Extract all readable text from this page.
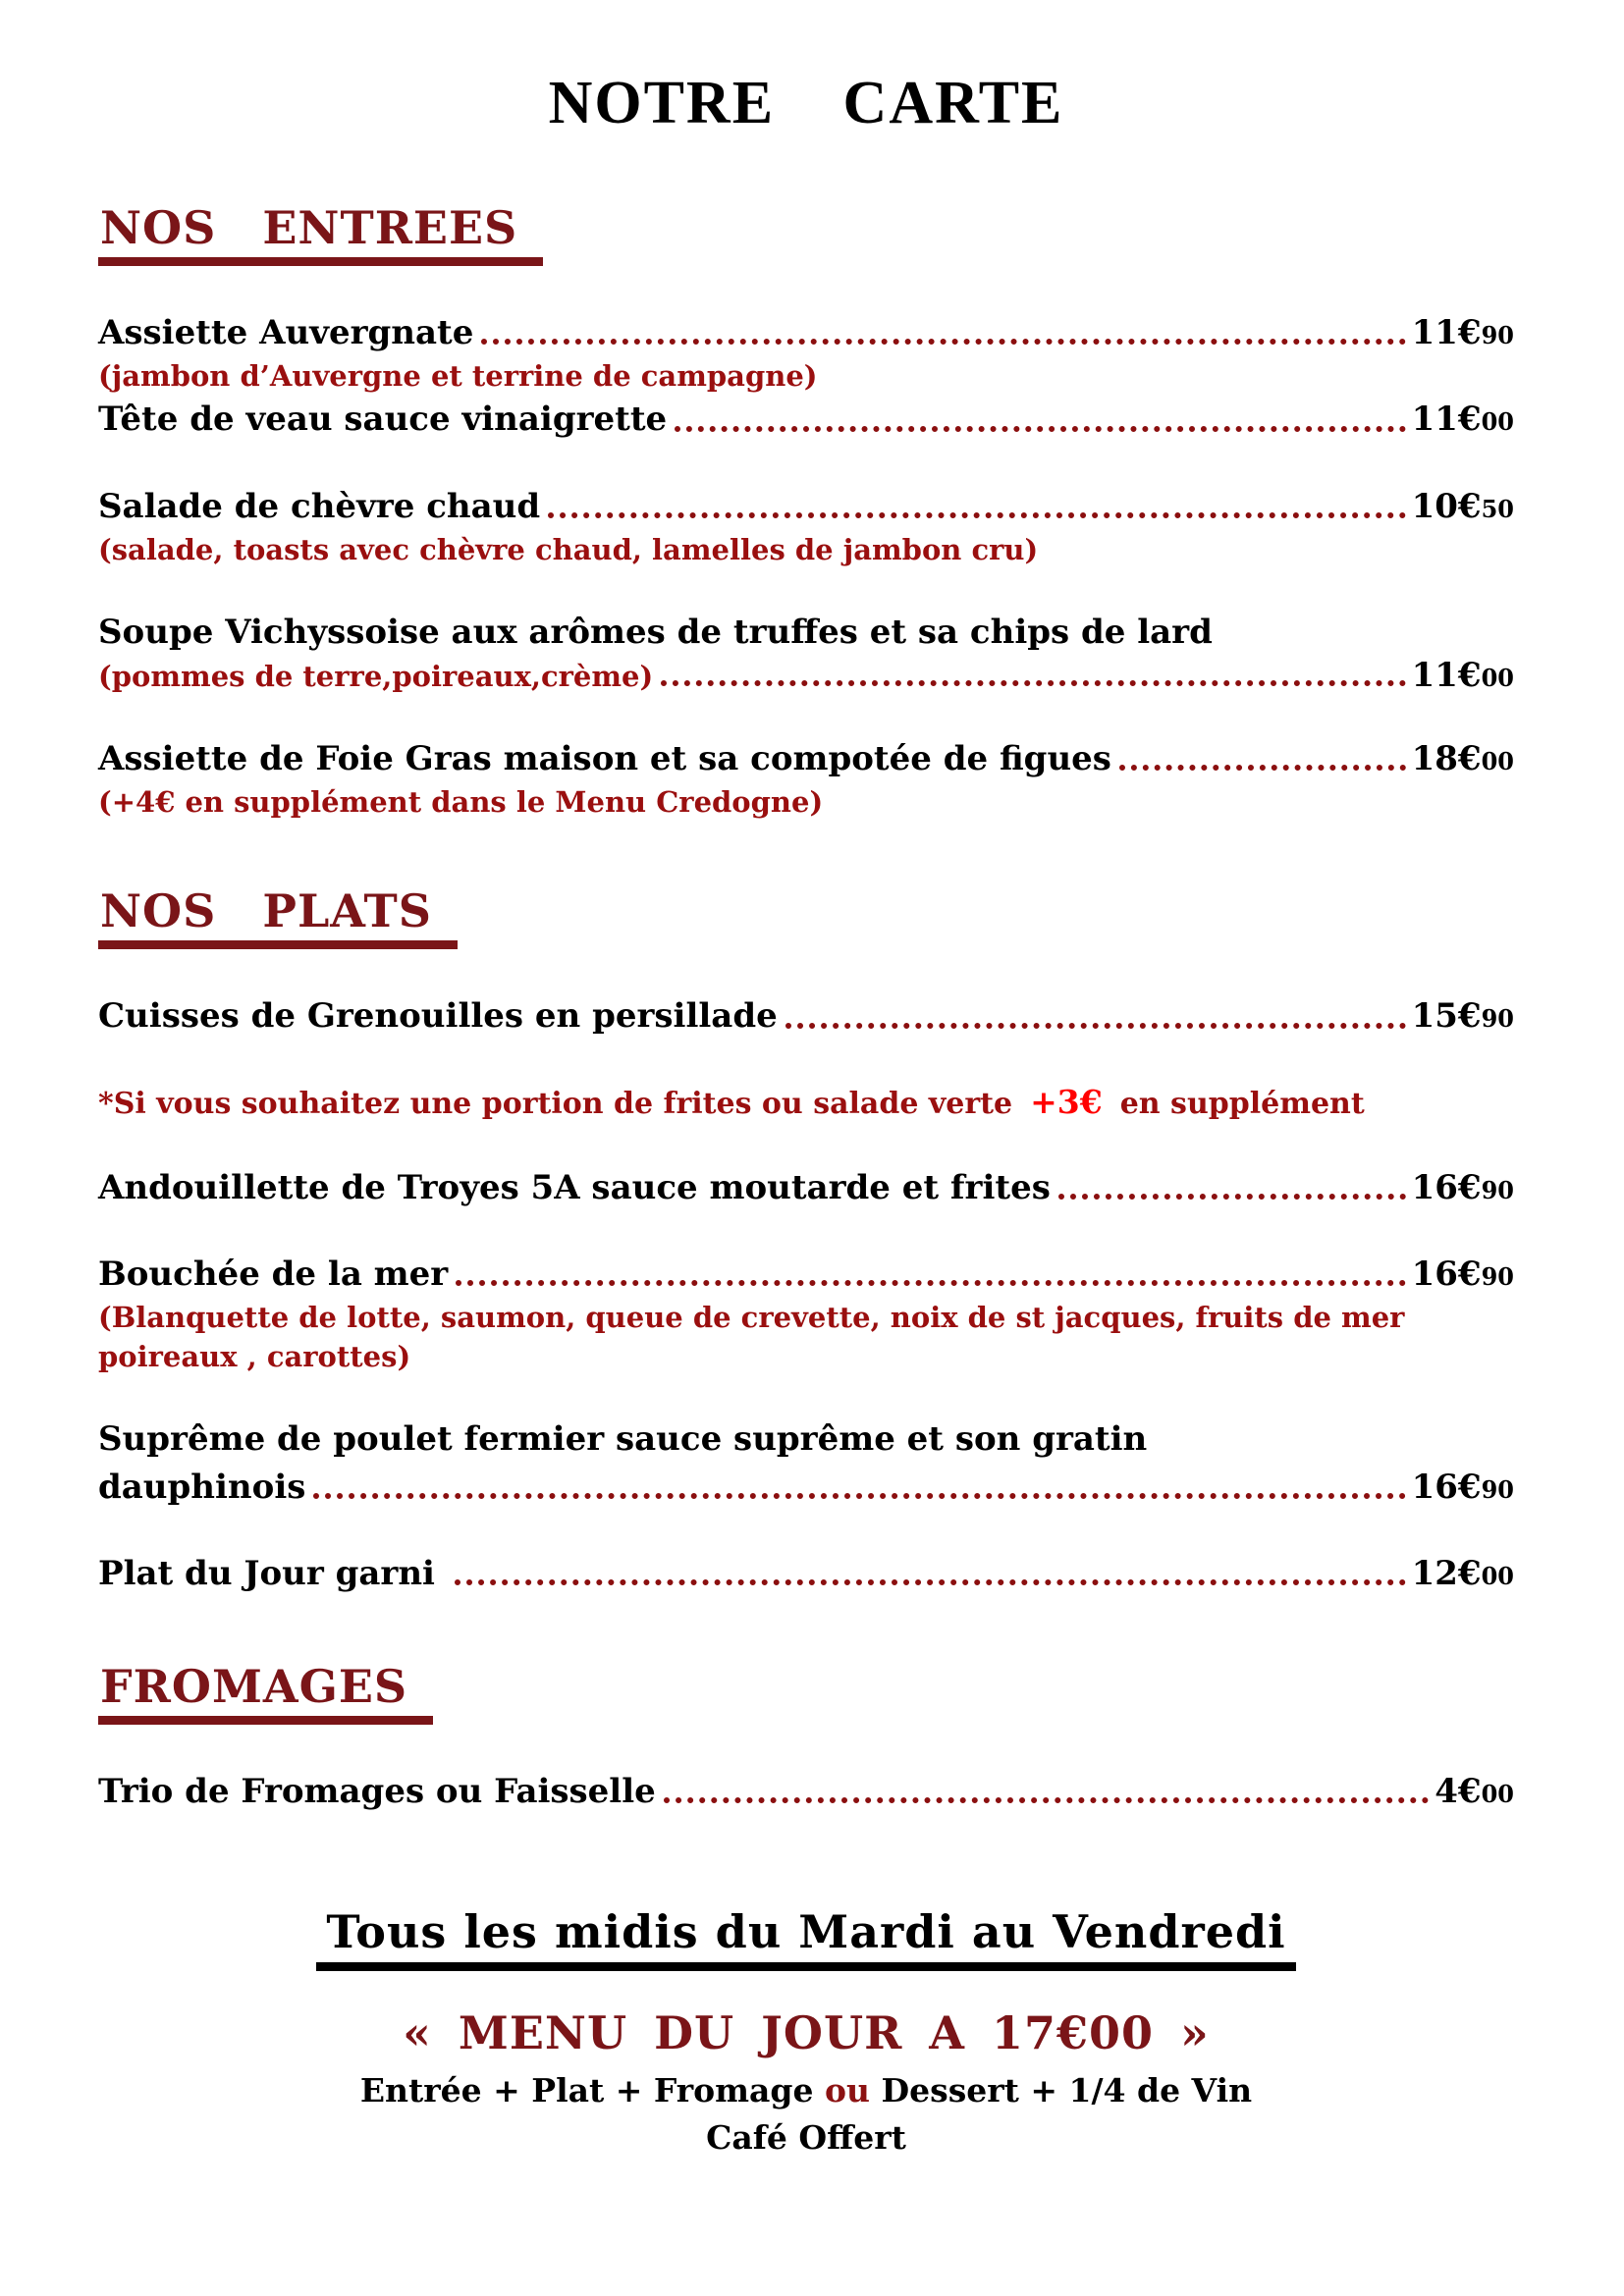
NOTRE CARTE
NOS ENTREES
Assiette Auvergnate	11€90
(jambon d’Auvergne et terrine de campagne)
Tête de veau sauce vinaigrette	11€00
Salade de chèvre chaud	10€50
(salade, toasts avec chèvre chaud, lamelles de jambon cru)
Soupe Vichyssoise aux arômes de truffes et sa chips de lard
(pommes de terre,poireaux,crème)	11€00
Assiette de Foie Gras maison et sa compotée de figues	18€00
(+4€ en supplément dans le Menu Credogne)
NOS PLATS
Cuisses de Grenouilles en persillade	15€90
*Si vous souhaitez une portion de frites ou salade verte +3€ en supplément
Andouillette de Troyes 5A sauce moutarde et frites	16€90
Bouchée de la mer	16€90
(Blanquette de lotte, saumon, queue de crevette, noix de st jacques, fruits de mer poireaux , carottes)
Suprême de poulet fermier sauce suprême et son gratin
dauphinois	16€90
Plat du Jour garni	12€00
FROMAGES
Trio de Fromages ou Faisselle	4€00
Tous les midis du Mardi au Vendredi
« MENU DU JOUR A 17€00 »
Entrée + Plat + Fromage ou Dessert + 1/4 de Vin
Café Offert
